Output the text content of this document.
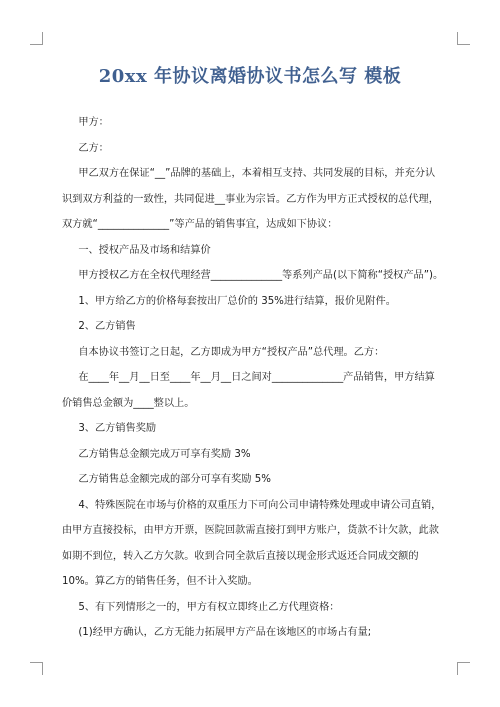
20xx 年协议离婚协议书怎么写 模板

甲方：

乙方：

甲乙双方在保证“__”品牌的基础上，本着相互支持、共同发展的目标，并充分认识到双方利益的一致性，共同促进__事业为宗旨。乙方作为甲方正式授权的总代理，双方就“______________”等产品的销售事宜，达成如下协议：

一、授权产品及市场和结算价

甲方授权乙方在全权代理经营______________等系列产品(以下简称“授权产品”)。

1、甲方给乙方的价格每套按出厂总价的 35%进行结算，报价见附件。

2、乙方销售

自本协议书签订之日起，乙方即成为甲方“授权产品”总代理。乙方：

在____年__月__日至____年__月__日之间对______________产品销售，甲方结算价销售总金额为____整以上。

3、乙方销售奖励

乙方销售总金额完成万可享有奖励 3%

乙方销售总金额完成的部分可享有奖励 5%

4、特殊医院在市场与价格的双重压力下可向公司申请特殊处理或申请公司直销，由甲方直接投标，由甲方开票，医院回款需直接打到甲方账户，货款不计欠款，此款如期不到位，转入乙方欠款。收到合同全款后直接以现金形式返还合同成交额的 10%。算乙方的销售任务，但不计入奖励。

5、有下列情形之一的，甲方有权立即终止乙方代理资格：

(1)经甲方确认，乙方无能力拓展甲方产品在该地区的市场占有量;
